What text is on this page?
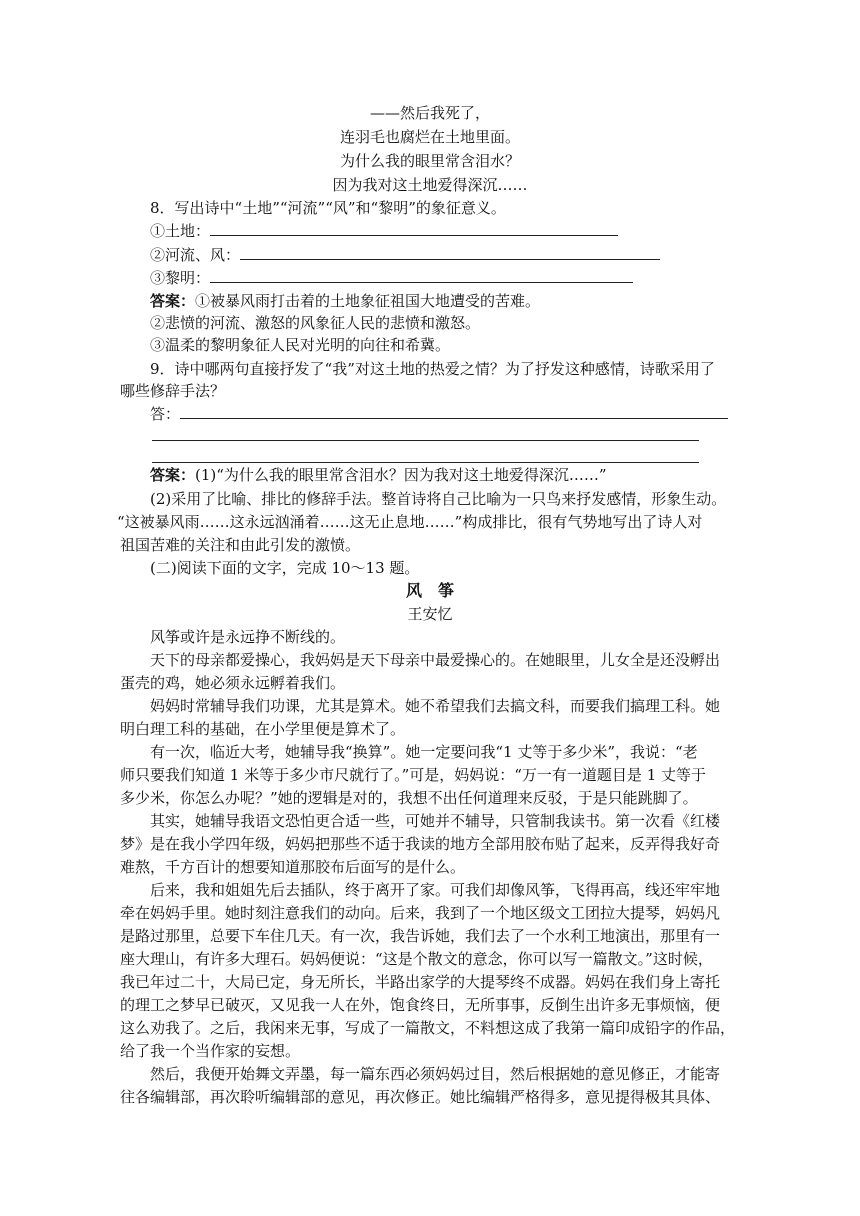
——然后我死了，
连羽毛也腐烂在土地里面。
为什么我的眼里常含泪水？
因为我对这土地爱得深沉……
8．写出诗中“土地”“河流”“风”和“黎明”的象征意义。
①土地：
②河流、风：
③黎明：
答案：①被暴风雨打击着的土地象征祖国大地遭受的苦难。
②悲愤的河流、激怒的风象征人民的悲愤和激怒。
③温柔的黎明象征人民对光明的向往和希冀。
9．诗中哪两句直接抒发了“我”对这土地的热爱之情？为了抒发这种感情，诗歌采用了
哪些修辞手法？
答：
答案：(1)“为什么我的眼里常含泪水？因为我对这土地爱得深沉……”
(2)采用了比喻、排比的修辞手法。整首诗将自己比喻为一只鸟来抒发感情，形象生动。
“这被暴风雨……这永远汹涌着……这无止息地……”构成排比，很有气势地写出了诗人对
祖国苦难的关注和由此引发的激愤。
(二)阅读下面的文字，完成 10～13 题。
风　筝
王安忆
风筝或许是永远挣不断线的。
天下的母亲都爱操心，我妈妈是天下母亲中最爱操心的。在她眼里，儿女全是还没孵出
蛋壳的鸡，她必须永远孵着我们。
妈妈时常辅导我们功课，尤其是算术。她不希望我们去搞文科，而要我们搞理工科。她
明白理工科的基础，在小学里便是算术了。
有一次，临近大考，她辅导我“换算”。她一定要问我“1 丈等于多少米”，我说：“老
师只要我们知道 1 米等于多少市尺就行了。”可是，妈妈说：“万一有一道题目是 1 丈等于
多少米，你怎么办呢？”她的逻辑是对的，我想不出任何道理来反驳，于是只能跳脚了。
其实，她辅导我语文恐怕更合适一些，可她并不辅导，只管制我读书。第一次看《红楼
梦》是在我小学四年级，妈妈把那些不适于我读的地方全部用胶布贴了起来，反弄得我好奇
难熬，千方百计的想要知道那胶布后面写的是什么。
后来，我和姐姐先后去插队，终于离开了家。可我们却像风筝，飞得再高，线还牢牢地
牵在妈妈手里。她时刻注意我们的动向。后来，我到了一个地区级文工团拉大提琴，妈妈凡
是路过那里，总要下车住几天。有一次，我告诉她，我们去了一个水利工地演出，那里有一
座大理山，有许多大理石。妈妈便说：“这是个散文的意念，你可以写一篇散文。”这时候，
我已年过二十，大局已定，身无所长，半路出家学的大提琴终不成器。妈妈在我们身上寄托
的理工之梦早已破灭，又见我一人在外，饱食终日，无所事事，反倒生出许多无事烦恼，便
这么劝我了。之后，我闲来无事，写成了一篇散文，不料想这成了我第一篇印成铅字的作品，
给了我一个当作家的妄想。
然后，我便开始舞文弄墨，每一篇东西必须妈妈过目，然后根据她的意见修正，才能寄
往各编辑部，再次聆听编辑部的意见，再次修正。她比编辑严格得多，意见提得极其具体、
